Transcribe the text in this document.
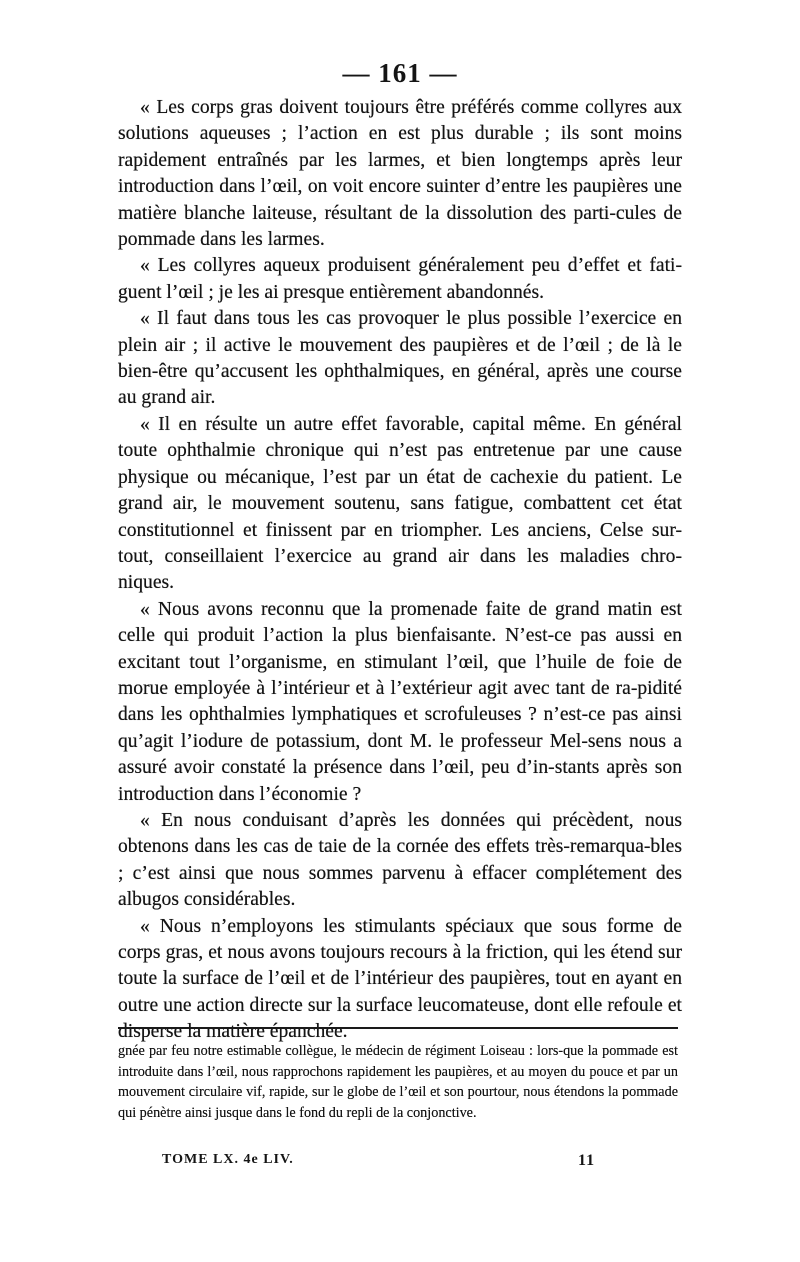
— 161 —

« Les corps gras doivent toujours être préférés comme collyres aux solutions aqueuses ; l’action en est plus durable ; ils sont moins rapidement entraînés par les larmes, et bien longtemps après leur introduction dans l’œil, on voit encore suinter d’entre les paupières une matière blanche laiteuse, résultant de la dissolution des parti-cules de pommade dans les larmes.

« Les collyres aqueux produisent généralement peu d’effet et fati-guent l’œil ; je les ai presque entièrement abandonnés.

« Il faut dans tous les cas provoquer le plus possible l’exercice en plein air ; il active le mouvement des paupières et de l’œil ; de là le bien-être qu’accusent les ophthalmiques, en général, après une course au grand air.

« Il en résulte un autre effet favorable, capital même. En général toute ophthalmie chronique qui n’est pas entretenue par une cause physique ou mécanique, l’est par un état de cachexie du patient. Le grand air, le mouvement soutenu, sans fatigue, combattent cet état constitutionnel et finissent par en triompher. Les anciens, Celse sur-tout, conseillaient l’exercice au grand air dans les maladies chro-niques.

« Nous avons reconnu que la promenade faite de grand matin est celle qui produit l’action la plus bienfaisante. N’est-ce pas aussi en excitant tout l’organisme, en stimulant l’œil, que l’huile de foie de morue employée à l’intérieur et à l’extérieur agit avec tant de ra-pidité dans les ophthalmies lymphatiques et scrofuleuses ? n’est-ce pas ainsi qu’agit l’iodure de potassium, dont M. le professeur Mel-sens nous a assuré avoir constaté la présence dans l’œil, peu d’in-stants après son introduction dans l’économie ?

« En nous conduisant d’après les données qui précèdent, nous obtenons dans les cas de taie de la cornée des effets très-remarqua-bles ; c’est ainsi que nous sommes parvenu à effacer complétement des albugos considérables.

« Nous n’employons les stimulants spéciaux que sous forme de corps gras, et nous avons toujours recours à la friction, qui les étend sur toute la surface de l’œil et de l’intérieur des paupières, tout en ayant en outre une action directe sur la surface leucomateuse, dont elle refoule et disperse la matière épanchée.

gnée par feu notre estimable collègue, le médecin de régiment Loiseau : lors-que la pommade est introduite dans l’œil, nous rapprochons rapidement les paupières, et au moyen du pouce et par un mouvement circulaire vif, rapide, sur le globe de l’œil et son pourtour, nous étendons la pommade qui pénètre ainsi jusque dans le fond du repli de la conjonctive.
TOME LX. 4e LIV.	11
